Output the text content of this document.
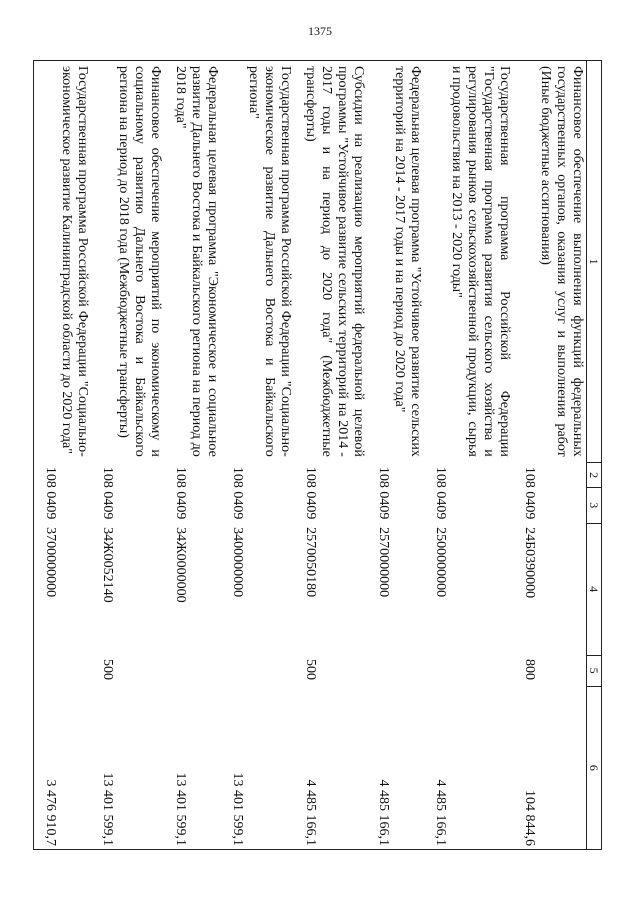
1375
1	2	3	4	5	6
Финансовое обеспечение выполнения функций федеральных государственных органов, оказания услуг и выполнения работ (Иные бюджетные ассигнования)	108	0409	24Б0390000	800	104 844,6
Государственная программа Российской Федерации "Государственная программа развития сельского хозяйства и регулирования рынков сельскохозяйственной продукции, сырья и продовольствия на 2013 - 2020 годы"	108	0409	2500000000		4 485 166,1
Федеральная целевая программа "Устойчивое развитие сельских территорий на 2014 - 2017 годы и на период до 2020 года"	108	0409	2570000000		4 485 166,1
Субсидии на реализацию мероприятий федеральной целевой программы "Устойчивое развитие сельских территорий на 2014 - 2017 годы и на период до 2020 года" (Межбюджетные трансферты)	108	0409	2570050180	500	4 485 166,1
Государственная программа Российской Федерации "Социально-экономическое развитие Дальнего Востока и Байкальского региона"	108	0409	3400000000		13 401 599,1
Федеральная целевая программа "Экономическое и социальное развитие Дальнего Востока и Байкальского региона на период до 2018 года"	108	0409	34Ж0000000		13 401 599,1
Финансовое обеспечение мероприятий по экономическому и социальному развитию Дальнего Востока и Байкальского региона на период до 2018 года (Межбюджетные трансферты)	108	0409	34Ж0052140	500	13 401 599,1
Государственная программа Российской Федерации "Социально-экономическое развитие Калининградской области до 2020 года"	108	0409	3700000000		3 476 910,7
